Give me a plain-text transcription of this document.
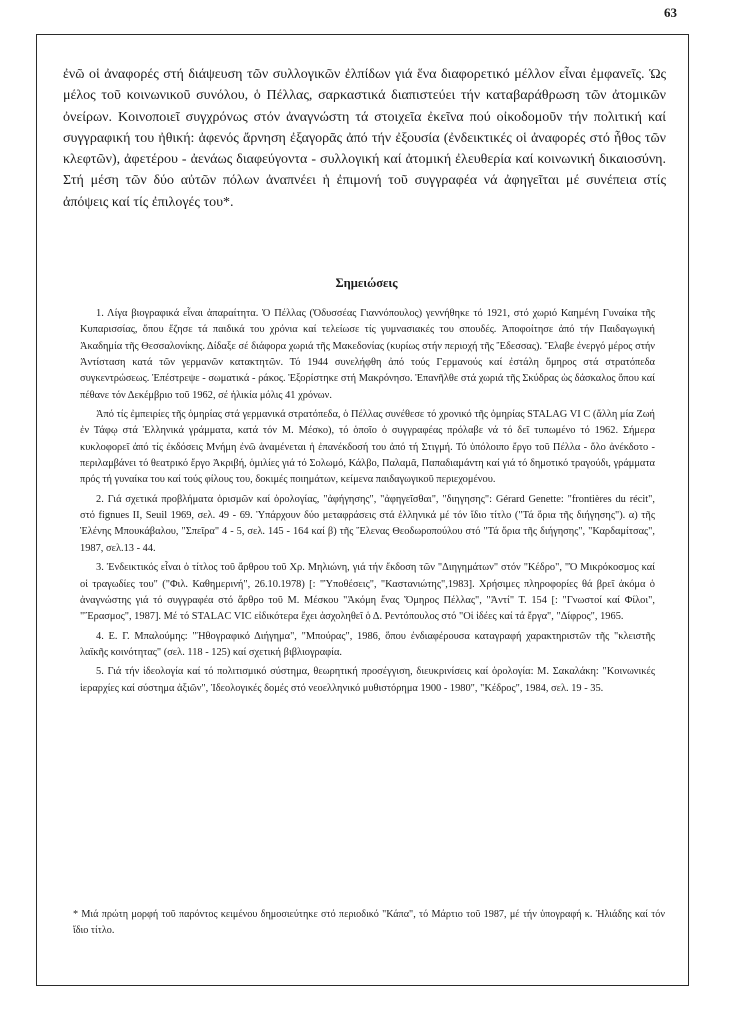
63

ἐνῶ οἱ ἀναφορές στή διάψευση τῶν συλλογικῶν ἐλπίδων γιά ἕνα διαφορετικό μέλλον εἶναι ἐμφανεῖς. Ὡς μέλος τοῦ κοινωνικοῦ συνόλου, ὁ Πέλλας, σαρκαστικά διαπιστεύει τήν καταβαράθρωση τῶν ἀτομικῶν ὀνείρων. Κοινοποιεῖ συγχρόνως στόν ἀναγνώστη τά στοιχεῖα ἐκεῖνα πού οἰκοδομοῦν τήν πολιτική καί συγγραφική του ἠθική: ἀφενός ἄρνηση ἐξαγορᾶς ἀπό τήν ἐξουσία (ἐνδεικτικές οἱ ἀναφορές στό ἦθος τῶν κλεφτῶν), ἀφετέρου - ἀενάως διαφεύγοντα - συλλογική καί ἀτομική ἐλευθερία καί κοινωνική δικαιοσύνη. Στή μέση τῶν δύο αὐτῶν πόλων ἀναπνέει ἡ ἐπιμονή τοῦ συγγραφέα νά ἀφηγεῖται μέ συνέπεια στίς ἀπόψεις καί τίς ἐπιλογές του*.

Σημειώσεις

1. Λίγα βιογραφικά εἶναι ἀπαραίτητα. Ὁ Πέλλας (Ὀδυσσέας Γιαννόπουλος) γεννήθηκε τό 1921, στό χωριό Καημένη Γυναίκα τῆς Κυπαρισσίας, ὅπου ἔζησε τά παιδικά του χρόνια καί τελείωσε τίς γυμνασιακές του σπουδές. Ἀποφοίτησε ἀπό τήν Παιδαγωγική Ἀκαδημία τῆς Θεσσαλονίκης. Δίδαξε σέ διάφορα χωριά τῆς Μακεδονίας (κυρίως στήν περιοχή τῆς Ἔδεσσας). Ἔλαβε ἐνεργό μέρος στήν Ἀντίσταση κατά τῶν γερμανῶν κατακτητῶν. Τό 1944 συνελήφθη ἀπό τούς Γερμανούς καί ἐστάλη ὅμηρος στά στρατόπεδα συγκεντρώσεως. Ἐπέστρεψε - σωματικά - ράκος. Ἐξορίστηκε στή Μακρόνησο. Ἐπανῆλθε στά χωριά τῆς Σκύδρας ὡς δάσκαλος ὅπου καί πέθανε τόν Δεκέμβριο τοῦ 1962, σέ ἡλικία μόλις 41 χρόνων.

Ἀπό τίς ἐμπειρίες τῆς ὁμηρίας στά γερμανικά στρατόπεδα, ὁ Πέλλας συνέθεσε τό χρονικό τῆς ὁμηρίας STALAG VI C (ἄλλη μία Ζωή ἐν Τάφῳ στά Ἑλληνικά γράμματα, κατά τόν Μ. Μέσκο), τό ὁποῖο ὁ συγγραφέας πρόλαβε νά τό δεῖ τυπωμένο τό 1962. Σήμερα κυκλοφορεῖ ἀπό τίς ἐκδόσεις Μνήμη ἐνῶ ἀναμένεται ἡ ἐπανέκδοσή του ἀπό τή Στιγμή. Τό ὑπόλοιπο ἔργο τοῦ Πέλλα - ὅλο ἀνέκδοτο - περιλαμβάνει τό θεατρικό ἔργο Ἀκριβή, ὁμιλίες γιά τό Σολωμό, Κάλβο, Παλαμᾶ, Παπαδιαμάντη καί γιά τό δημοτικό τραγούδι, γράμματα πρός τή γυναίκα του καί τούς φίλους του, δοκιμές ποιημάτων, κείμενα παιδαγωγικοῦ περιεχομένου.

2. Γιά σχετικά προβλήματα ὁρισμῶν καί ὁρολογίας, "ἀφήγησης", "ἀφηγεῖσθαι", "διηγησης": Gérard Genette: "frontières du récit", στό fignues II, Seuil 1969, σελ. 49 - 69. Ὑπάρχουν δύο μεταφράσεις στά ἑλληνικά μέ τόν ἴδιο τίτλο ("Τά ὅρια τῆς διήγησης"). α) τῆς Ἑλένης Μπουκάβαλου, "Σπεῖρα" 4 - 5, σελ. 145 - 164 καί β) τῆς Ἕλενας Θεοδωροπούλου στό "Τά ὅρια τῆς διήγησης", "Καρδαμίτσας", 1987, σελ.13 - 44.

3. Ἐνδεικτικός εἶναι ὁ τίτλος τοῦ ἄρθρου τοῦ Χρ. Μηλιώνη, γιά τήν ἔκδοση τῶν "Διηγημάτων" στόν "Κέδρο", "Ὁ Μικρόκοσμος καί οἱ τραγωδίες του" ("Φιλ. Καθημερινή", 26.10.1978) [: "Ὑποθέσεις", "Καστανιώτης",1983]. Χρήσιμες πληροφορίες θά βρεῖ ἀκόμα ὁ ἀναγνώστης γιά τό συγγραφέα στό ἄρθρο τοῦ Μ. Μέσκου "Ἀκόμη ἕνας Ὅμηρος Πέλλας", "Ἀντί" Τ. 154 [: "Γνωστοί καί Φίλοι", "Ἔρασμος", 1987]. Μέ τό STALAC VIC εἰδικότερα ἔχει ἀσχοληθεῖ ὁ Δ. Ρεντόπουλος στό "Οἱ ἰδέες καί τά ἔργα", "Δίφρος", 1965.

4. Ε. Γ. Μπαλούμης: "Ἠθογραφικό Διήγημα", "Μπούρας", 1986, ὅπου ἐνδιαφέρουσα καταγραφή χαρακτηριστῶν τῆς "κλειστῆς λαϊκῆς κοινότητας" (σελ. 118 - 125) καί σχετική βιβλιογραφία.

5. Γιά τήν ἰδεολογία καί τό πολιτισμικό σύστημα, θεωρητική προσέγγιση, διευκρινίσεις καί ὁρολογία: Μ. Σακαλάκη: "Κοινωνικές ἱεραρχίες καί σύστημα ἀξιῶν", Ἰδεολογικές δομές στό νεοελληνικό μυθιστόρημα 1900 - 1980", "Κέδρος", 1984, σελ. 19 - 35.

* Μιά πρώτη μορφή τοῦ παρόντος κειμένου δημοσιεύτηκε στό περιοδικό "Κάπα", τό Μάρτιο τοῦ 1987, μέ τήν ὑπογραφή κ. Ἠλιάδης καί τόν ἴδιο τίτλο.
